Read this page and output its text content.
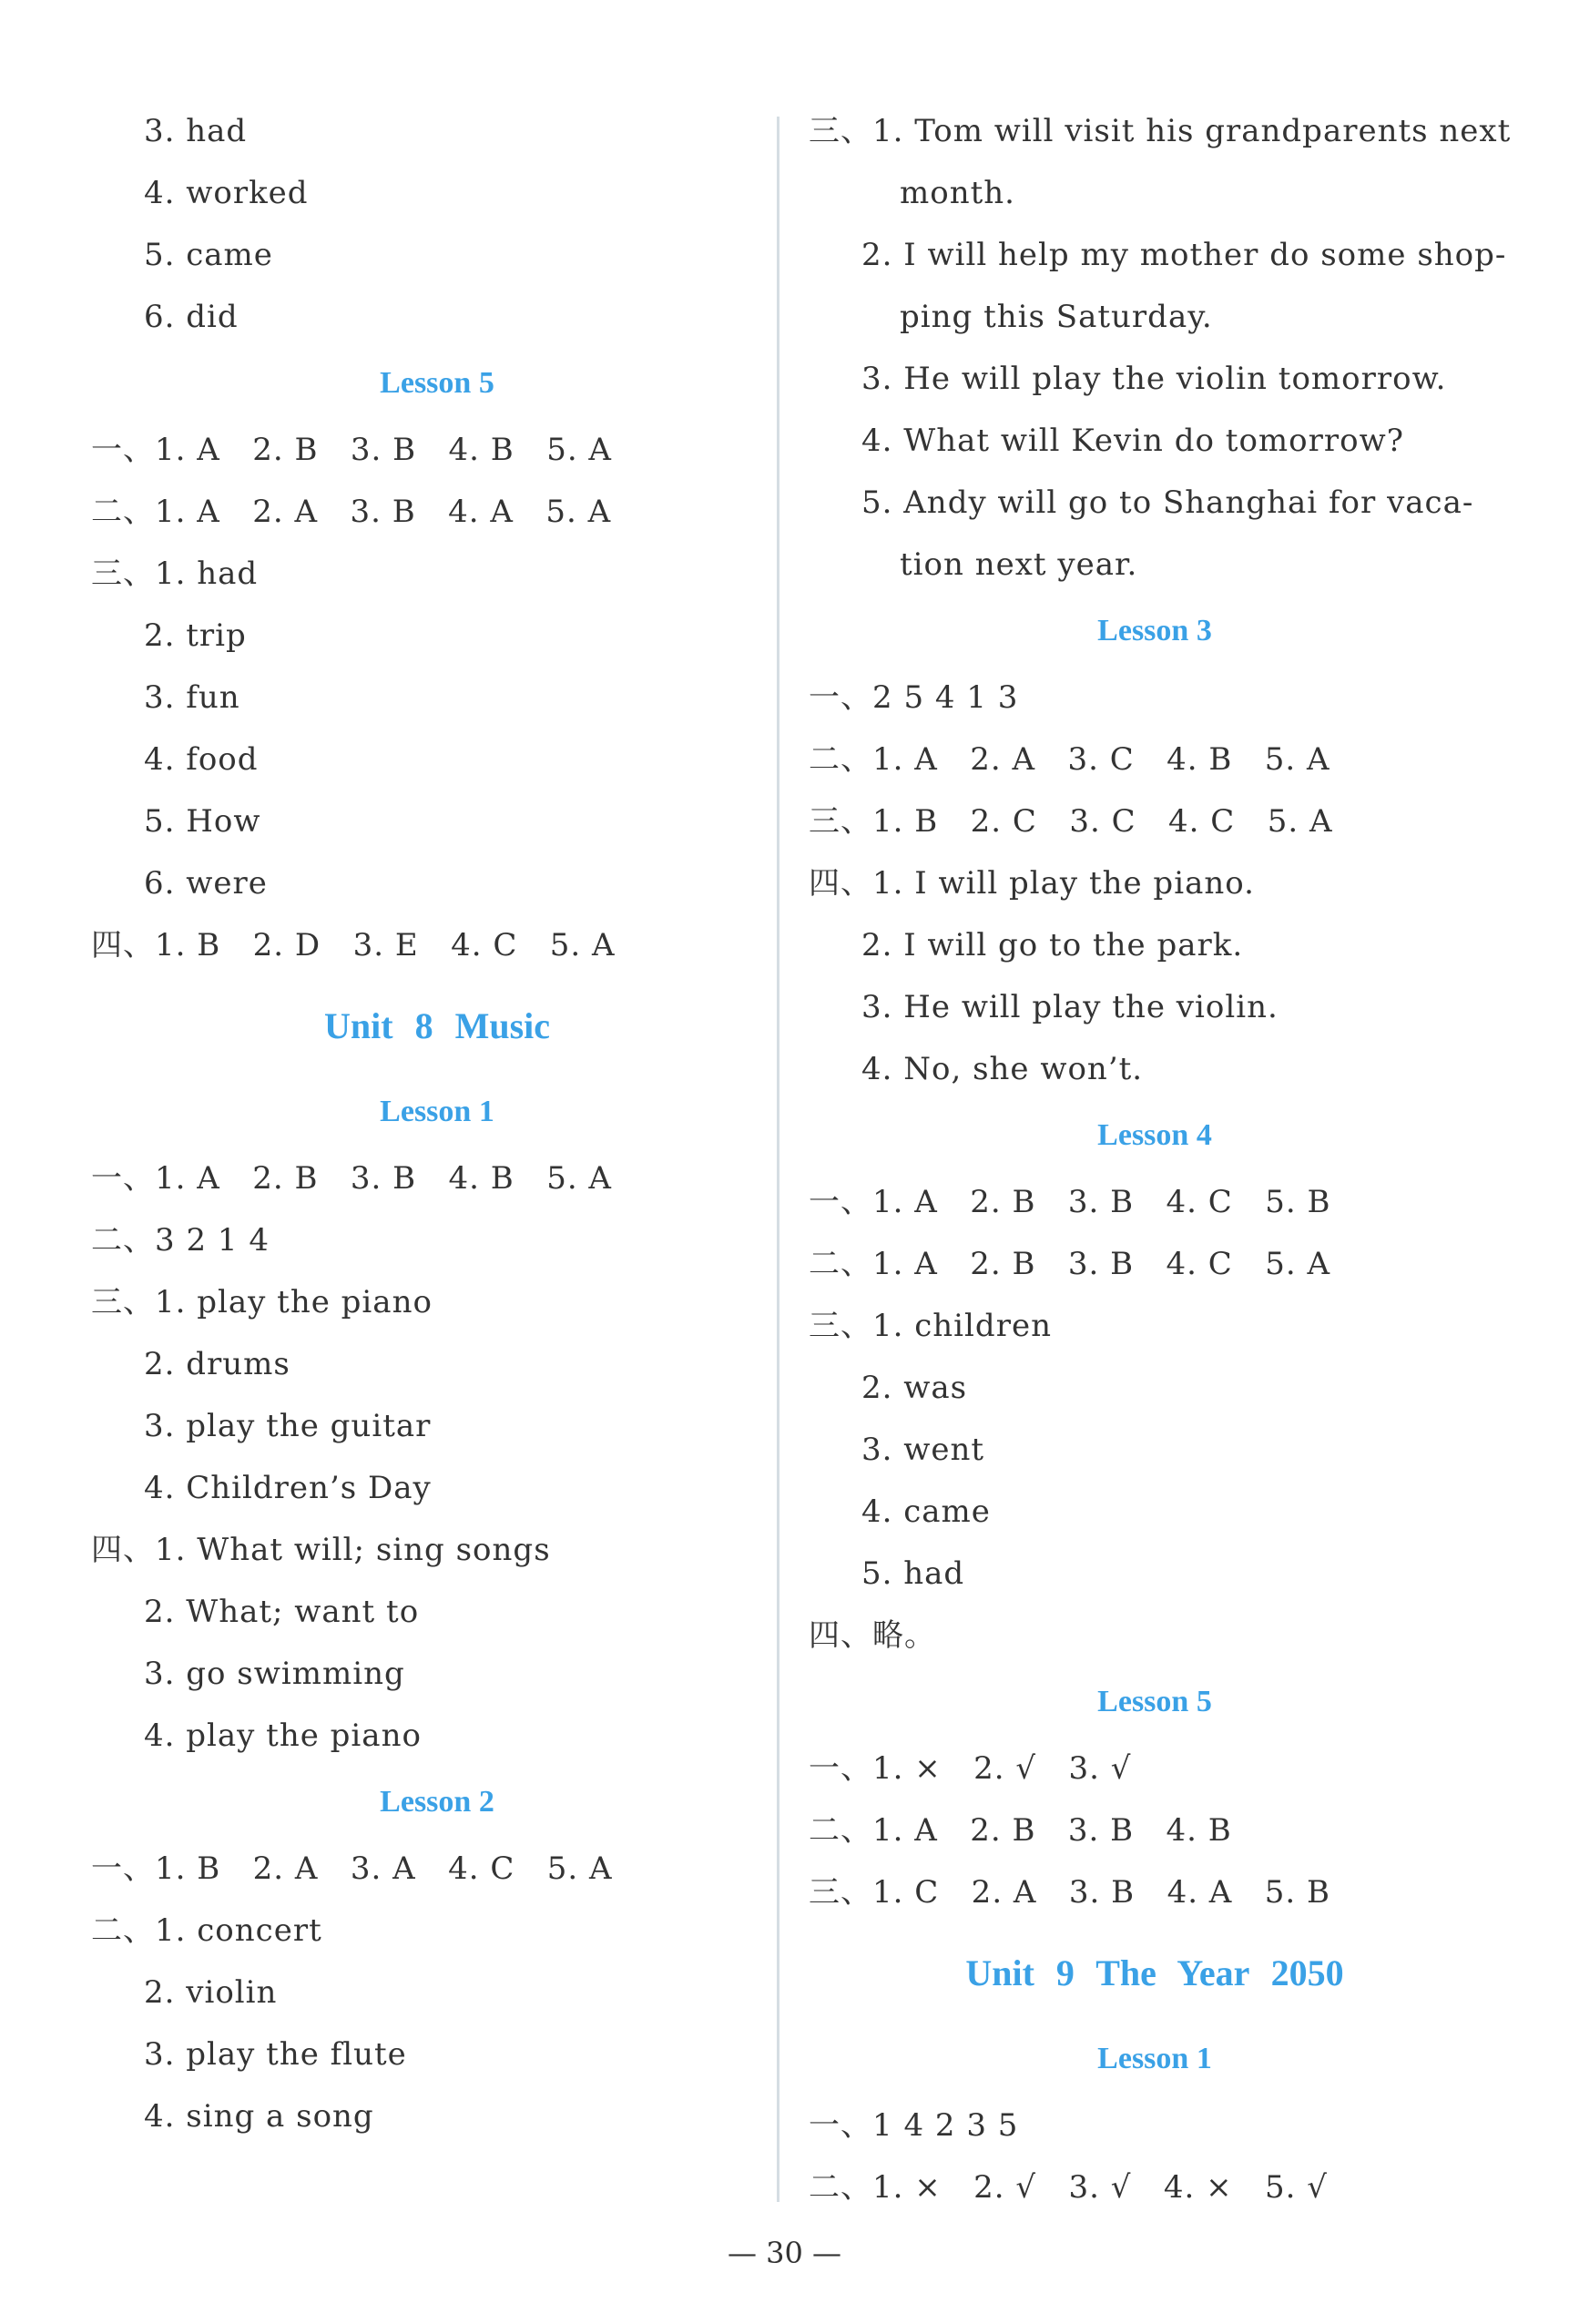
3. had
4. worked
5. came
6. did
Lesson 5
一、1. A   2. B   3. B   4. B   5. A
二、1. A   2. A   3. B   4. A   5. A
三、1. had
2. trip
3. fun
4. food
5. How
6. were
四、1. B   2. D   3. E   4. C   5. A
Unit 8 Music
Lesson 1
一、1. A   2. B   3. B   4. B   5. A
二、3 2 1 4
三、1. play the piano
2. drums
3. play the guitar
4. Children’s Day
四、1. What will; sing songs
2. What; want to
3. go swimming
4. play the piano
Lesson 2
一、1. B   2. A   3. A   4. C   5. A
二、1. concert
2. violin
3. play the flute
4. sing a song
三、1. Tom will visit his grandparents next
month.
2. I will help my mother do some shop-
ping this Saturday.
3. He will play the violin tomorrow.
4. What will Kevin do tomorrow?
5. Andy will go to Shanghai for vaca-
tion next year.
Lesson 3
一、2 5 4 1 3
二、1. A   2. A   3. C   4. B   5. A
三、1. B   2. C   3. C   4. C   5. A
四、1. I will play the piano.
2. I will go to the park.
3. He will play the violin.
4. No, she won’t.
Lesson 4
一、1. A   2. B   3. B   4. C   5. B
二、1. A   2. B   3. B   4. C   5. A
三、1. children
2. was
3. went
4. came
5. had
四、略。
Lesson 5
一、1. ×   2. √   3. √
二、1. A   2. B   3. B   4. B
三、1. C   2. A   3. B   4. A   5. B
Unit 9 The Year 2050
Lesson 1
一、1 4 2 3 5
二、1. ×   2. √   3. √   4. ×   5. √
— 30 —
